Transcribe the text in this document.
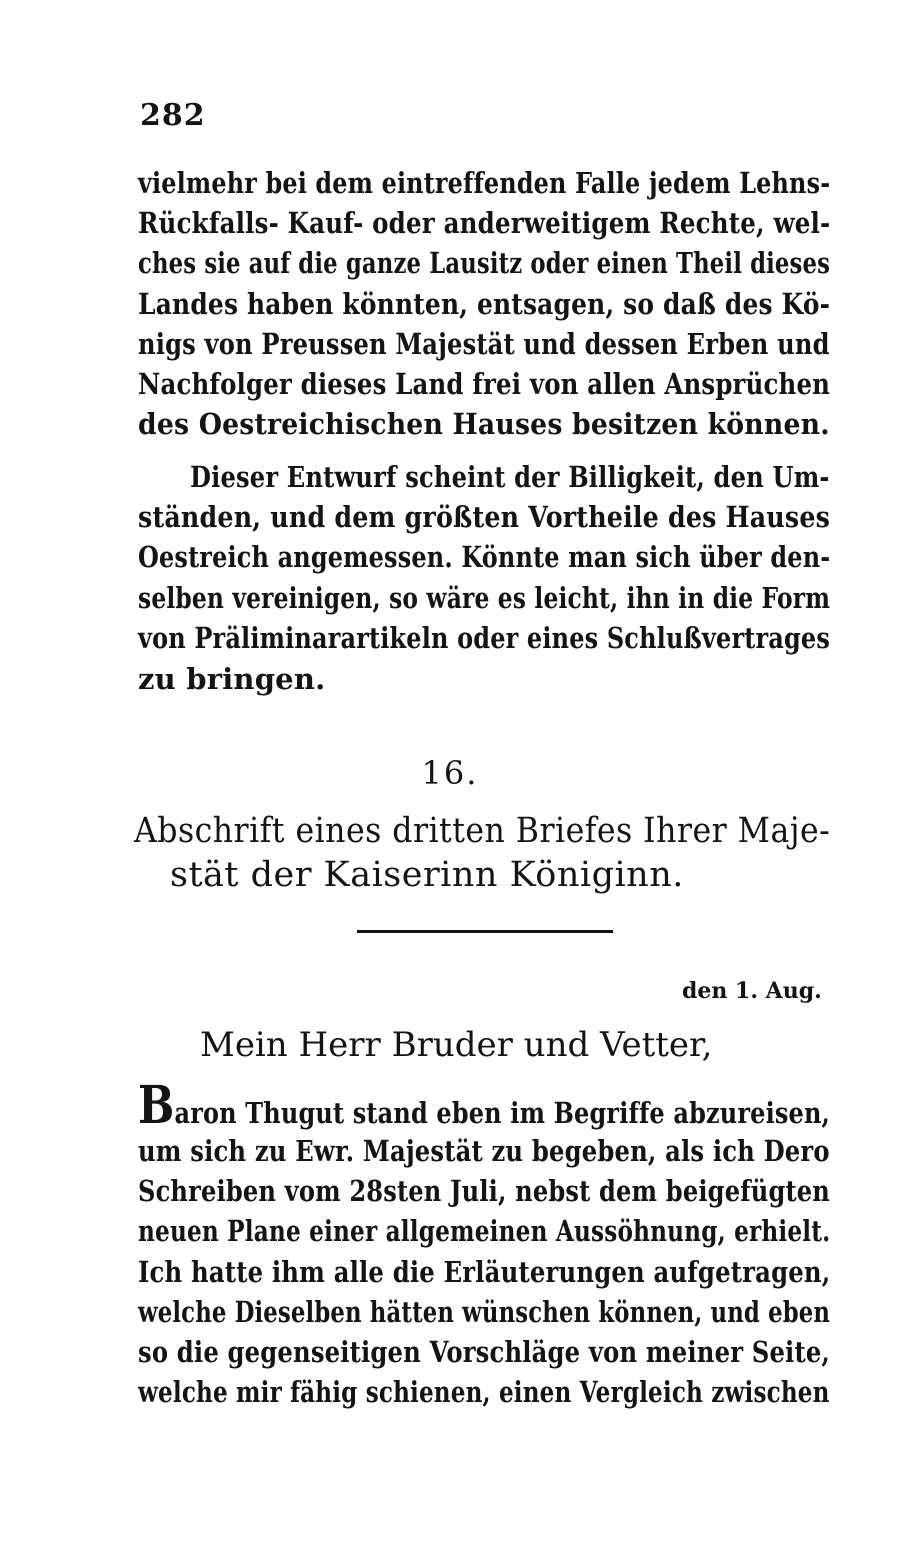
282
vielmehr bei dem eintreffenden Falle jedem Lehns-
Rückfalls- Kauf- oder anderweitigem Rechte, wel-
ches sie auf die ganze Lausitz oder einen Theil dieses
Landes haben könnten, entsagen, so daß des Kö-
nigs von Preussen Majestät und dessen Erben und
Nachfolger dieses Land frei von allen Ansprüchen
des Oestreichischen Hauses besitzen können.
Dieser Entwurf scheint der Billigkeit, den Um-
ständen, und dem größten Vortheile des Hauses
Oestreich angemessen. Könnte man sich über den-
selben vereinigen, so wäre es leicht, ihn in die Form
von Präliminarartikeln oder eines Schlußvertrages
zu bringen.
16.
Abschrift eines dritten Briefes Ihrer Maje-
stät der Kaiserinn Königinn.
den 1. Aug.
Mein Herr Bruder und Vetter,
Baron Thugut stand eben im Begriffe abzureisen,
um sich zu Ewr. Majestät zu begeben, als ich Dero
Schreiben vom 28sten Juli, nebst dem beigefügten
neuen Plane einer allgemeinen Aussöhnung, erhielt.
Ich hatte ihm alle die Erläuterungen aufgetragen,
welche Dieselben hätten wünschen können, und eben
so die gegenseitigen Vorschläge von meiner Seite,
welche mir fähig schienen, einen Vergleich zwischen
